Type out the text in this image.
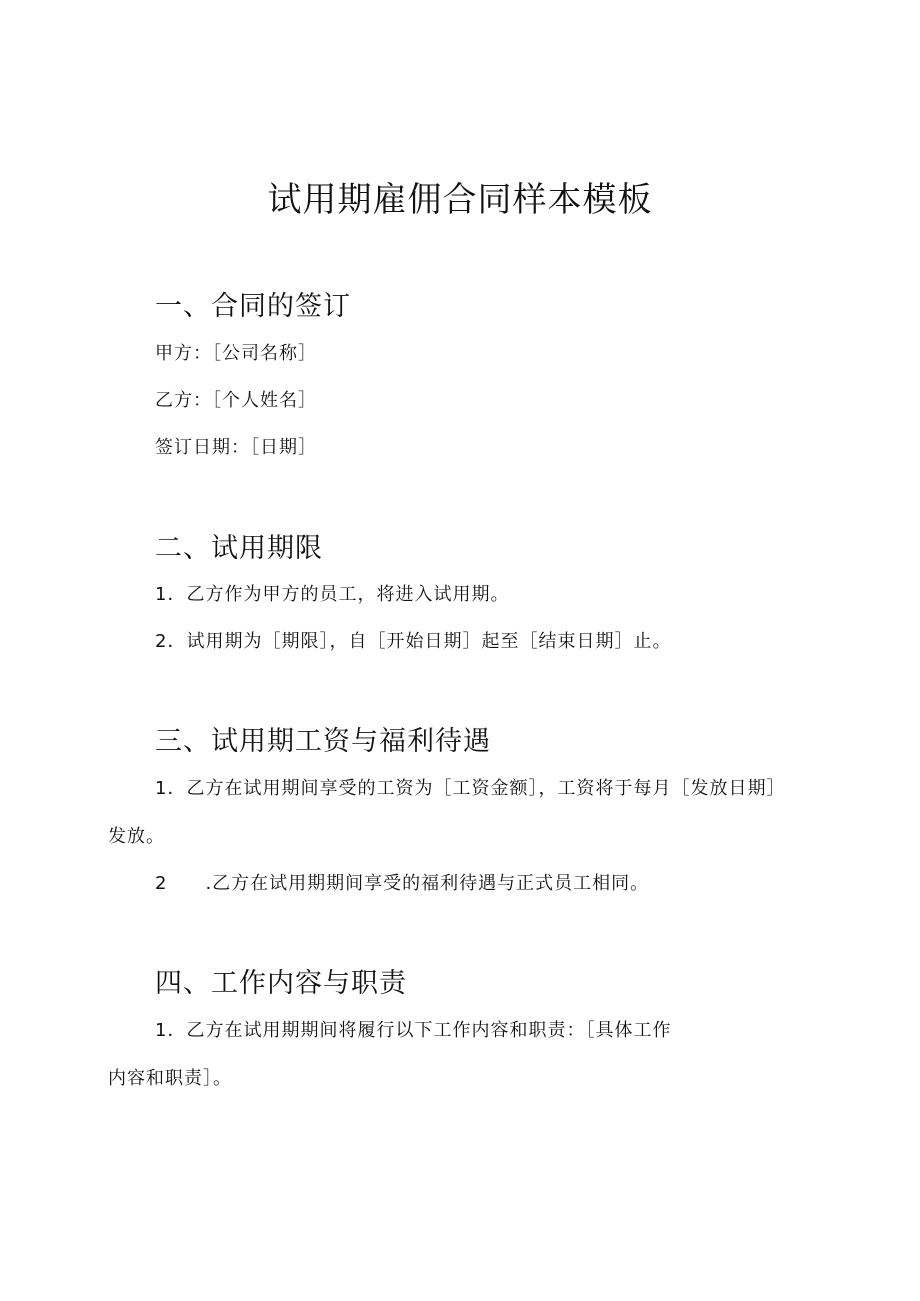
试用期雇佣合同样本模板
一、合同的签订
甲方：［公司名称］
乙方：［个人姓名］
签订日期：［日期］
二、试用期限
1．乙方作为甲方的员工，将进入试用期。
2．试用期为［期限］，自［开始日期］起至［结束日期］止。
三、试用期工资与福利待遇
1．乙方在试用期间享受的工资为［工资金额］，工资将于每月［发放日期］
发放。
2 .乙方在试用期期间享受的福利待遇与正式员工相同。
四、工作内容与职责
1．乙方在试用期期间将履行以下工作内容和职责：［具体工作
内容和职责］。
